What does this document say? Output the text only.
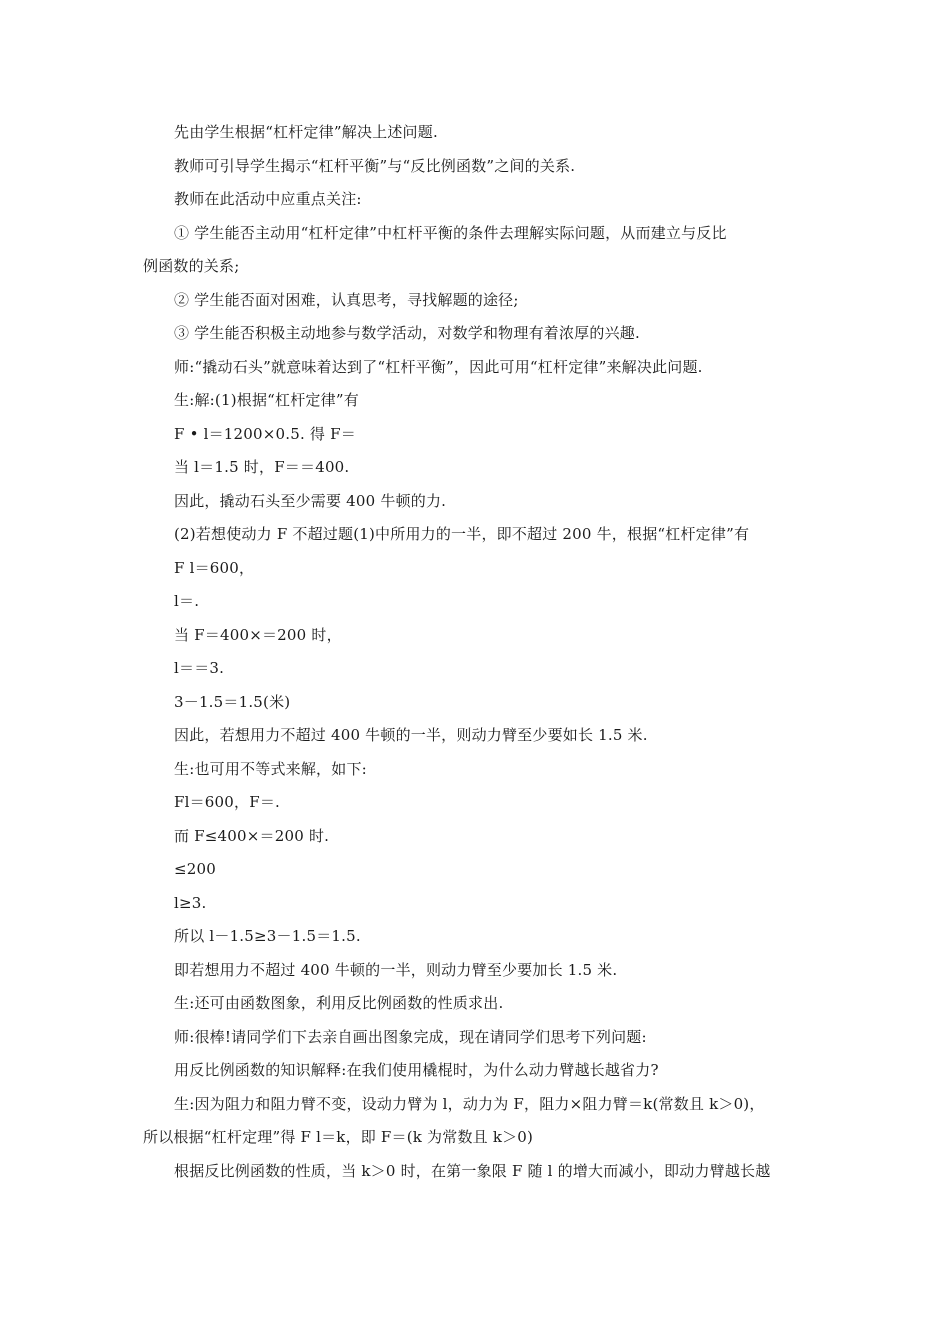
先由学生根据“杠杆定律”解决上述问题.
教师可引导学生揭示“杠杆平衡”与“反比例函数”之间的关系.
教师在此活动中应重点关注:
① 学生能否主动用“杠杆定律”中杠杆平衡的条件去理解实际问题，从而建立与反比
例函数的关系;
② 学生能否面对困难，认真思考，寻找解题的途径;
③ 学生能否积极主动地参与数学活动，对数学和物理有着浓厚的兴趣.
师:“撬动石头”就意味着达到了“杠杆平衡”，因此可用“杠杆定律”来解决此问题.
生:解:(1)根据“杠杆定律”有
F • l＝1200×0.5. 得 F＝
当 l＝1.5 时，F＝＝400.
因此，撬动石头至少需要 400 牛顿的力.
(2)若想使动力 F 不超过题(1)中所用力的一半，即不超过 200 牛，根据“杠杆定律”有
F l＝600，
l＝.
当 F＝400×＝200 时，
l＝＝3.
3－1.5＝1.5(米)
因此，若想用力不超过 400 牛顿的一半，则动力臂至少要如长 1.5 米.
生:也可用不等式来解，如下:
Fl＝600，F＝.
而 F≤400×＝200 时.
≤200
l≥3.
所以 l－1.5≥3－1.5＝1.5.
即若想用力不超过 400 牛顿的一半，则动力臂至少要加长 1.5 米.
生:还可由函数图象，利用反比例函数的性质求出.
师:很棒!请同学们下去亲自画出图象完成，现在请同学们思考下列问题:
用反比例函数的知识解释:在我们使用橇棍时，为什么动力臂越长越省力?
生:因为阻力和阻力臂不变，设动力臂为 l，动力为 F，阻力×阻力臂＝k(常数且 k＞0)，
所以根据“杠杆定理”得 F l＝k，即 F＝(k 为常数且 k＞0)
根据反比例函数的性质，当 k＞0 时，在第一象限 F 随 l 的增大而减小，即动力臂越长越
